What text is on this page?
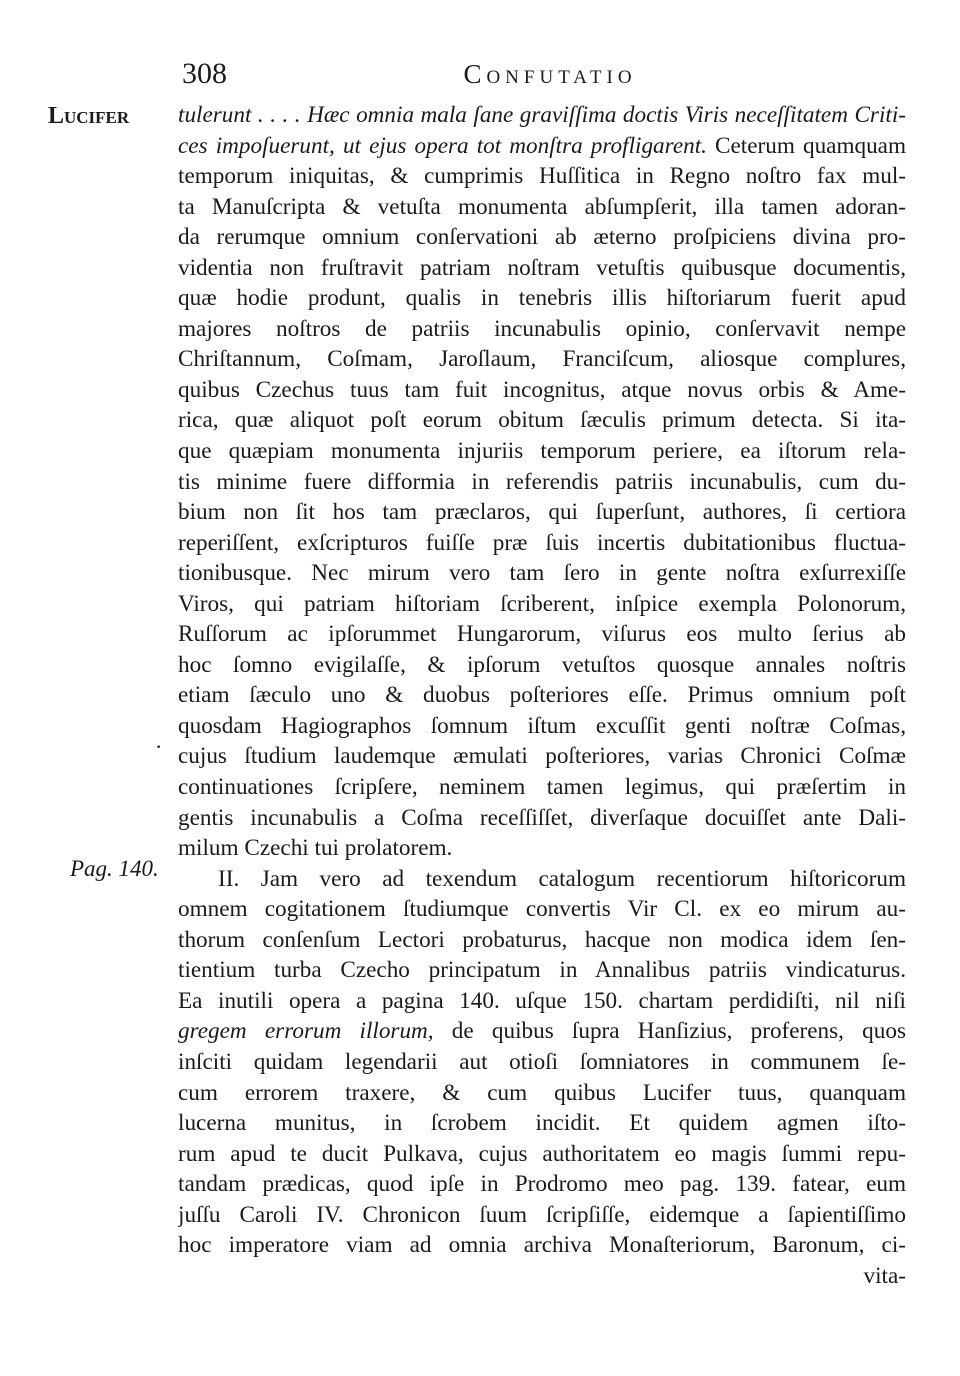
308	Confutatio
Lucifer
·
Pag. 140.
tulerunt . . . . Hæc omnia mala ſane graviſſima doctis Viris neceſſitatem Criti-
ces impoſuerunt, ut ejus opera tot monſtra profligarent. Ceterum quamquam
temporum iniquitas, & cumprimis Huſſitica in Regno noſtro fax mul-
ta Manuſcripta & vetuſta monumenta abſumpſerit, illa tamen adoran-
da rerumque omnium conſervationi ab æterno proſpiciens divina pro-
videntia non fruſtravit patriam noſtram vetuſtis quibusque documentis,
quæ hodie produnt, qualis in tenebris illis hiſtoriarum fuerit apud
majores noſtros de patriis incunabulis opinio, conſervavit nempe
Chriſtannum, Coſmam, Jaroſlaum, Franciſcum, aliosque complures,
quibus Czechus tuus tam fuit incognitus, atque novus orbis & Ame-
rica, quæ aliquot poſt eorum obitum ſæculis primum detecta. Si ita-
que quæpiam monumenta injuriis temporum periere, ea iſtorum rela-
tis minime fuere difformia in referendis patriis incunabulis, cum du-
bium non ſit hos tam præclaros, qui ſuperſunt, authores, ſi certiora
reperiſſent, exſcripturos fuiſſe præ ſuis incertis dubitationibus fluctua-
tionibusque. Nec mirum vero tam ſero in gente noſtra exſurrexiſſe
Viros, qui patriam hiſtoriam ſcriberent, inſpice exempla Polonorum,
Ruſſorum ac ipſorummet Hungarorum, viſurus eos multo ſerius ab
hoc ſomno evigilaſſe, & ipſorum vetuſtos quosque annales noſtris
etiam ſæculo uno & duobus poſteriores eſſe. Primus omnium poſt
quosdam Hagiographos ſomnum iſtum excuſſit genti noſtræ Coſmas,
cujus ſtudium laudemque æmulati poſteriores, varias Chronici Coſmæ
continuationes ſcripſere, neminem tamen legimus, qui præſertim in
gentis incunabulis a Coſma receſſiſſet, diverſaque docuiſſet ante Dali-
milum Czechi tui prolatorem.
II. Jam vero ad texendum catalogum recentiorum hiſtoricorum
omnem cogitationem ſtudiumque convertis Vir Cl. ex eo mirum au-
thorum conſenſum Lectori probaturus, hacque non modica idem ſen-
tientium turba Czecho principatum in Annalibus patriis vindicaturus.
Ea inutili opera a pagina 140. uſque 150. chartam perdidiſti, nil niſi
gregem errorum illorum, de quibus ſupra Hanſizius, proferens, quos
inſciti quidam legendarii aut otioſi ſomniatores in communem ſe-
cum errorem traxere, & cum quibus Lucifer tuus, quanquam
lucerna munitus, in ſcrobem incidit. Et quidem agmen iſto-
rum apud te ducit Pulkava, cujus authoritatem eo magis ſummi repu-
tandam prædicas, quod ipſe in Prodromo meo pag. 139. fatear, eum
juſſu Caroli IV. Chronicon ſuum ſcripſiſſe, eidemque a ſapientiſſimo
hoc imperatore viam ad omnia archiva Monaſteriorum, Baronum, ci-
vita-
